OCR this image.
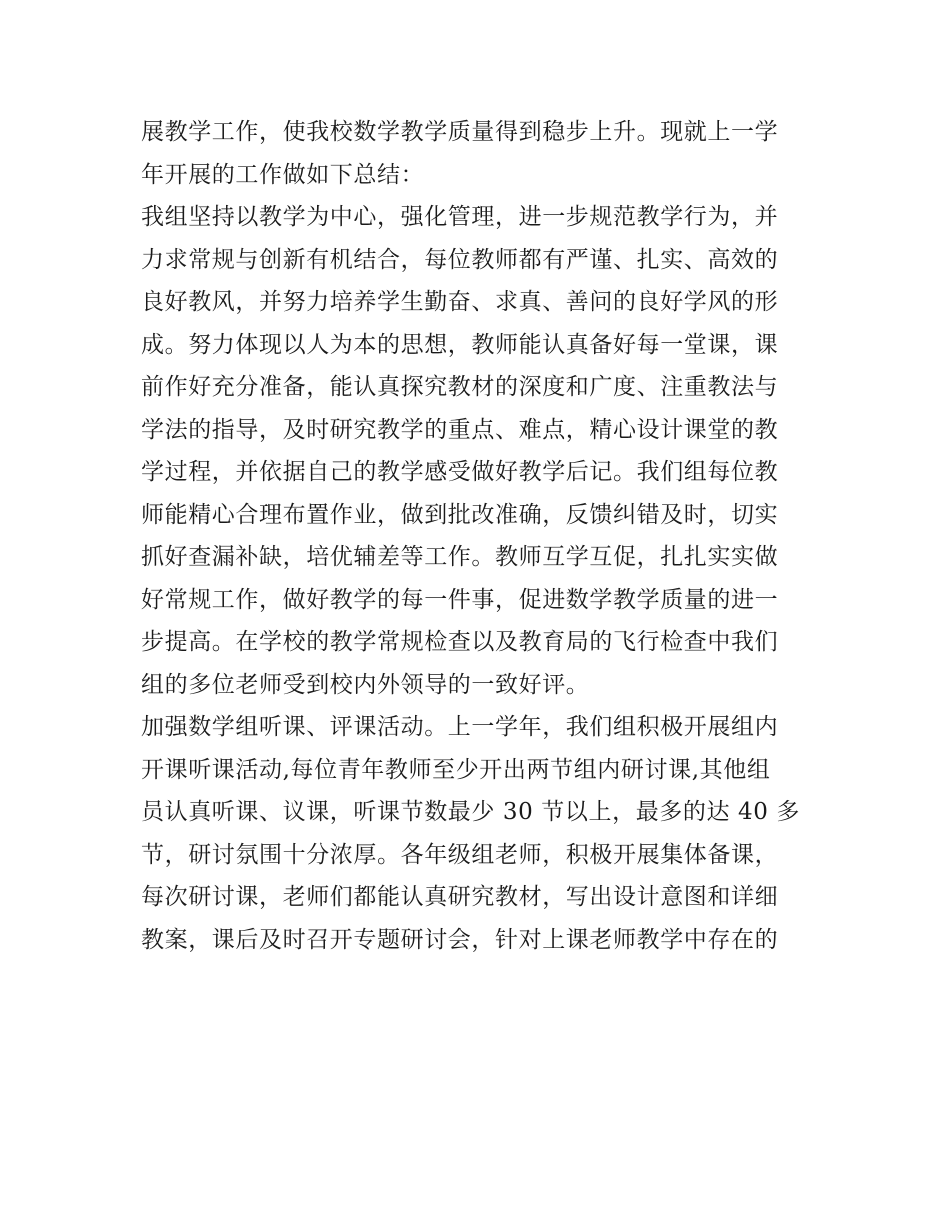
展教学工作，使我校数学教学质量得到稳步上升。现就上一学
年开展的工作做如下总结：
我组坚持以教学为中心，强化管理，进一步规范教学行为，并
力求常规与创新有机结合，每位教师都有严谨、扎实、高效的
良好教风，并努力培养学生勤奋、求真、善问的良好学风的形
成。努力体现以人为本的思想，教师能认真备好每一堂课，课
前作好充分准备，能认真探究教材的深度和广度、注重教法与
学法的指导，及时研究教学的重点、难点，精心设计课堂的教
学过程，并依据自己的教学感受做好教学后记。我们组每位教
师能精心合理布置作业，做到批改准确，反馈纠错及时，切实
抓好查漏补缺，培优辅差等工作。教师互学互促，扎扎实实做
好常规工作，做好教学的每一件事，促进数学教学质量的进一
步提高。在学校的教学常规检查以及教育局的飞行检查中我们
组的多位老师受到校内外领导的一致好评。
加强数学组听课、评课活动。上一学年，我们组积极开展组内
开课听课活动,每位青年教师至少开出两节组内研讨课,其他组
员认真听课、议课，听课节数最少 30 节以上，最多的达 40 多
节，研讨氛围十分浓厚。各年级组老师，积极开展集体备课，
每次研讨课，老师们都能认真研究教材，写出设计意图和详细
教案，课后及时召开专题研讨会，针对上课老师教学中存在的
